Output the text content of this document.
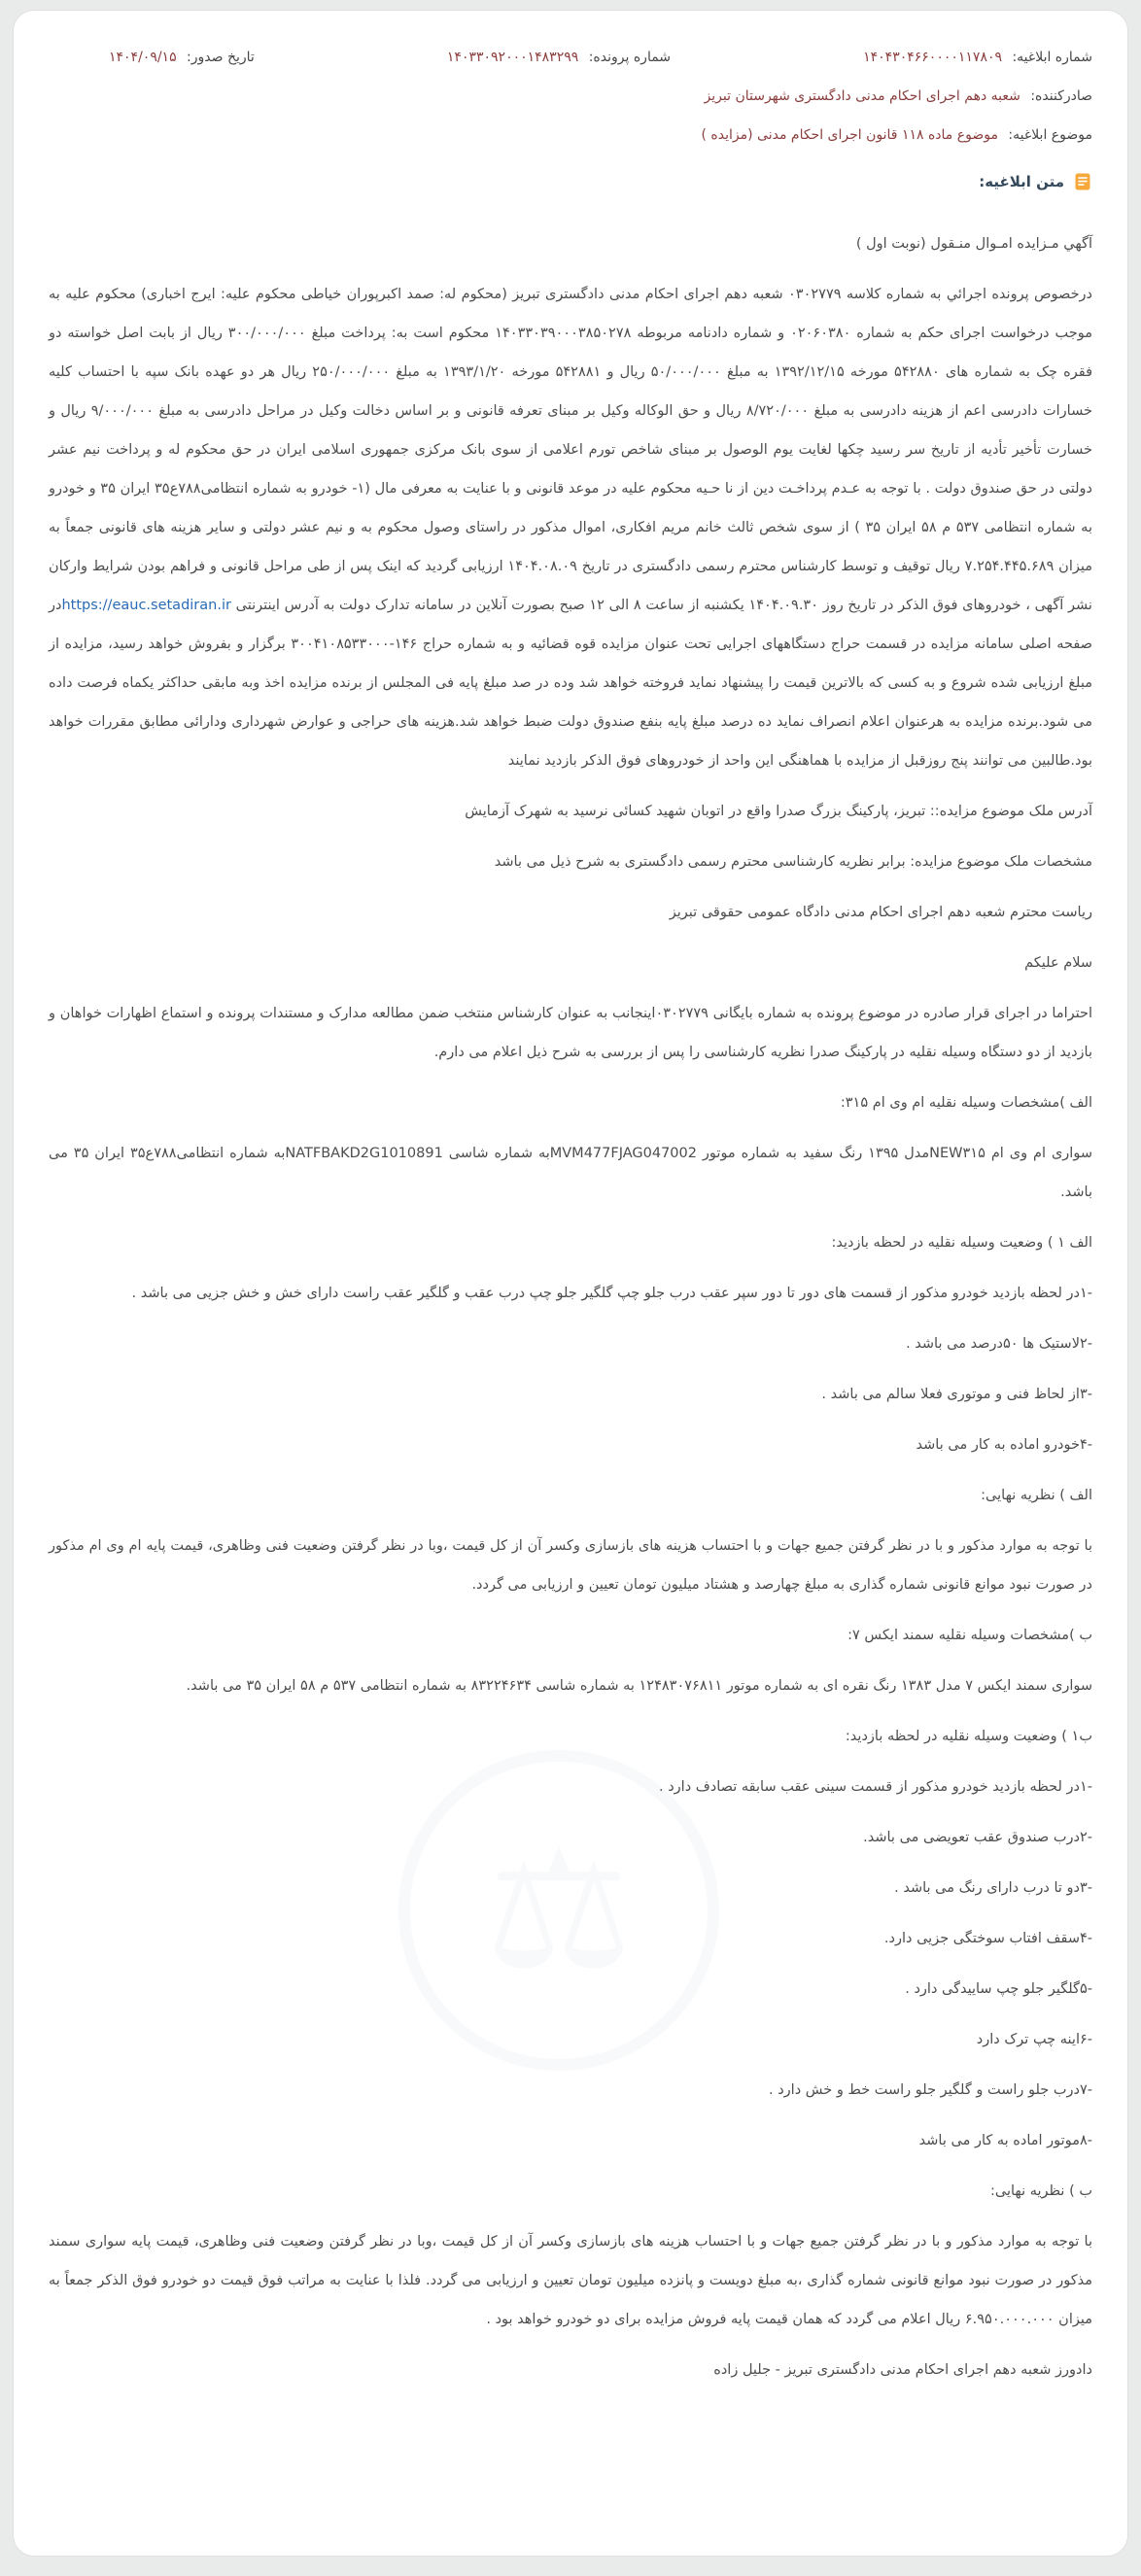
شماره ابلاغیه: ۱۴۰۴۳۰۴۶۶۰۰۰۰۱۱۷۸۰۹
شماره پرونده: ۱۴۰۳۳۰۹۲۰۰۰۱۴۸۳۲۹۹
تاریخ صدور: ۱۴۰۴/۰۹/۱۵
صادرکننده: شعبه دهم اجرای احکام مدنی دادگستری شهرستان تبریز
موضوع ابلاغیه: موضوع ماده ۱۱۸ قانون اجرای احکام مدنی (مزایده )
متن ابلاغیه:
آگهي مـزايده امـوال منـقول (نوبت اول )
درخصوص پرونده اجرائي به شماره کلاسه ۰۳۰۲۷۷۹ شعبه دهم اجرای احکام مدنی دادگستری تبریز (محکوم له: صمد اکبرپوران خیاطی محکوم علیه: ایرج اخباری) محکوم علیه به موجب درخواست اجرای حکم به شماره ۰۲۰۶۰۳۸۰ و شماره دادنامه مربوطه ۱۴۰۳۳۰۳۹۰۰۰۳۸۵۰۲۷۸ محکوم است به: پرداخت مبلغ ۳۰۰/۰۰۰/۰۰۰ ریال از بابت اصل خواسته دو فقره چک به شماره های ۵۴۲۸۸۰ مورخه ۱۳۹۲/۱۲/۱۵ به مبلغ ۵۰/۰۰۰/۰۰۰ ریال و ۵۴۲۸۸۱ مورخه ۱۳۹۳/۱/۲۰ به مبلغ ۲۵۰/۰۰۰/۰۰۰ ریال هر دو عهده بانک سپه با احتساب کلیه خسارات دادرسی اعم از هزینه دادرسی به مبلغ ۸/۷۲۰/۰۰۰ ریال و حق الوکاله وکیل بر مبنای تعرفه قانونی و بر اساس دخالت وکیل در مراحل دادرسی به مبلغ ۹/۰۰۰/۰۰۰ ریال و خسارت تأخیر تأدیه از تاریخ سر رسید چکها لغایت یوم الوصول بر مبنای شاخص تورم اعلامی از سوی بانک مرکزی جمهوری اسلامی ایران در حق محکوم له و پرداخت نیم عشر دولتی در حق صندوق دولت . با توجه به عـدم پرداخـت دین از نا حـیه محکوم علیه در موعد قانونی و با عنایت به معرفی مال (۱- خودرو به شماره انتظامی۷۸۸ع۳۵ ایران ۳۵ و خودرو به شماره انتظامی ۵۳۷ م ۵۸ ایران ۳۵ ) از سوی شخص ثالث خانم مریم افکاری، اموال مذکور در راستای وصول محکوم به و نیم عشر دولتی و سایر هزینه های قانونی جمعاً به میزان ۷.۲۵۴.۴۴۵.۶۸۹ ریال توقیف و توسط کارشناس محترم رسمی دادگستری در تاریخ ۱۴۰۴.۰۸.۰۹ ارزیابی گردید که اینک پس از طی مراحل قانونی و فراهم بودن شرایط وارکان نشر آگهی ، خودروهای فوق الذکر در تاریخ روز ۱۴۰۴.۰۹.۳۰ یکشنبه از ساعت ۸ الی ۱۲ صبح بصورت آنلاین در سامانه تدارک دولت به آدرس اینترنتی https://eauc.setadiran.irدر صفحه اصلی سامانه مزایده در قسمت حراج دستگاههای اجرایی تحت عنوان مزایده قوه قضائیه و به شماره حراج ۱۴۶-۳۰۰۴۱۰۸۵۳۳۰۰۰ برگزار و بفروش خواهد رسید، مزایده از مبلغ ارزیابی شده شروع و به کسی که بالاترین قیمت را پیشنهاد نماید فروخته خواهد شد وده در صد مبلغ پایه فی المجلس از برنده مزایده اخذ وبه مابقی حداکثر یکماه فرصت داده می شود.برنده مزایده به هرعنوان اعلام انصراف نماید ده درصد مبلغ پایه بنفع صندوق دولت ضبط خواهد شد.هزینه های حراجی و عوارض شهرداری ودارائی مطابق مقررات خواهد بود.طالبین می توانند پنج روزقبل از مزایده با هماهنگی این واحد از خودروهای فوق الذکر بازدید نمایند
آدرس ملک موضوع مزایده:: تبریز، پارکینگ بزرگ صدرا واقع در اتوبان شهید کسائی نرسید به شهرک آزمایش
مشخصات ملک موضوع مزایده: برابر نظریه کارشناسی محترم رسمی دادگستری به شرح ذیل می باشد
ریاست محترم شعبه دهم اجرای احکام مدنی دادگاه عمومی حقوقی تبریز
سلام علیکم
احتراما در اجرای قرار صادره در موضوع پرونده به شماره بایگانی ۰۳۰۲۷۷۹اینجانب به عنوان کارشناس منتخب ضمن مطالعه مدارک و مستندات پرونده و استماع اظهارات خواهان و بازدید از دو دستگاه وسیله نقلیه در پارکینگ صدرا نظریه کارشناسی را پس از بررسی به شرح ذیل اعلام می دارم.
الف )مشخصات وسیله نقلیه ام وی ام ۳۱۵:
سواری ام وی ام NEW۳۱۵مدل ۱۳۹۵ رنگ سفید به شماره موتور MVM477FJAG047002به شماره شاسی NATFBAKD2G1010891به شماره انتظامی۷۸۸ع۳۵ ایران ۳۵ می باشد.
الف ۱ ) وضعیت وسیله نقلیه در لحظه بازدید:
-۱در لحظه بازدید خودرو مذکور از قسمت های دور تا دور سپر عقب درب جلو چپ گلگیر جلو چپ درب عقب و گلگیر عقب راست دارای خش و خش جزیی می باشد .
-۲لاستیک ها ۵۰درصد می باشد .
-۳از لحاظ فنی و موتوری فعلا سالم می باشد .
-۴خودرو اماده به کار می باشد
الف ) نظریه نهایی:
با توجه به موارد مذکور و با در نظر گرفتن جمیع جهات و با احتساب هزینه های بازسازی وکسر آن از کل قیمت ،وبا در نظر گرفتن وضعیت فنی وظاهری، قیمت پایه ام وی ام مذکور در صورت نبود موانع قانونی شماره گذاری به مبلغ چهارصد و هشتاد میلیون تومان تعیین و ارزیابی می گردد.
ب )مشخصات وسیله نقلیه سمند ایکس ۷:
سواری سمند ایکس ۷ مدل ۱۳۸۳ رنگ نقره ای به شماره موتور ۱۲۴۸۳۰۷۶۸۱۱ به شماره شاسی ۸۳۲۲۴۶۳۴ به شماره انتظامی ۵۳۷ م ۵۸ ایران ۳۵ می باشد.
ب۱ ) وضعیت وسیله نقلیه در لحظه بازدید:
-۱در لحظه بازدید خودرو مذکور از قسمت سینی عقب سابقه تصادف دارد .
-۲درب صندوق عقب تعویضی می باشد.
-۳دو تا درب دارای رنگ می باشد .
-۴سقف افتاب سوختگی جزیی دارد.
-۵گلگیر جلو چپ ساییدگی دارد .
-۶اینه چپ ترک دارد
-۷درب جلو راست و گلگیر جلو راست خط و خش دارد .
-۸موتور اماده به کار می باشد
ب ) نظریه نهایی:
با توجه به موارد مذکور و با در نظر گرفتن جمیع جهات و با احتساب هزینه های بازسازی وکسر آن از کل قیمت ،وبا در نظر گرفتن وضعیت فنی وظاهری، قیمت پایه سواری سمند مذکور در صورت نبود موانع قانونی شماره گذاری ،به مبلغ دویست و پانزده میلیون تومان تعیین و ارزیابی می گردد. فلذا با عنایت به مراتب فوق قیمت دو خودرو فوق الذکر جمعاً به میزان ۶.۹۵۰.۰۰۰.۰۰۰ ریال اعلام می گردد که همان قیمت پایه فروش مزایده برای دو خودرو خواهد بود .
دادورز شعبه دهم اجرای احکام مدنی دادگستری تبریز - جلیل زاده
⚖
